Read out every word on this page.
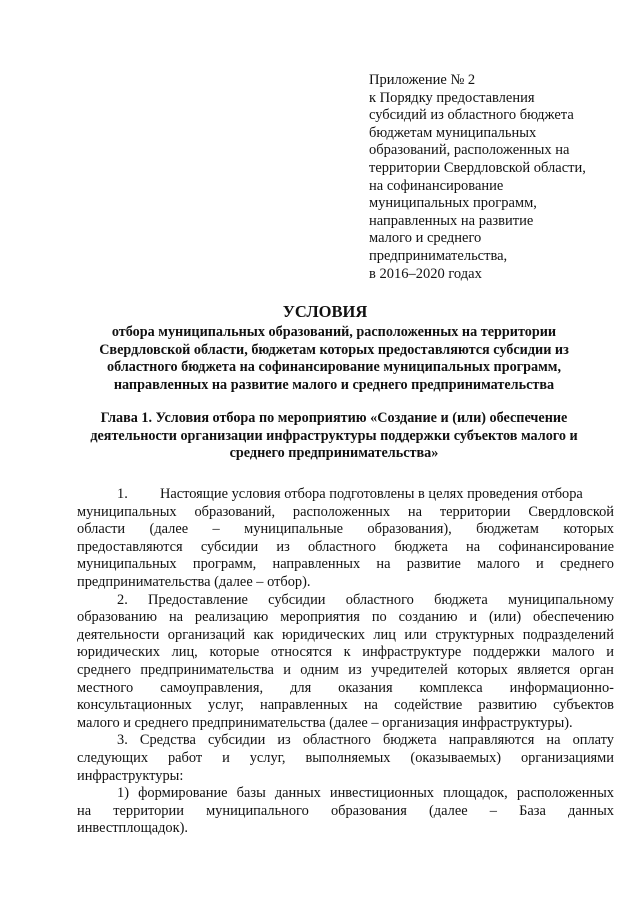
Приложение № 2
к Порядку предоставления
субсидий из областного бюджета
бюджетам муниципальных
образований, расположенных на
территории Свердловской области,
на софинансирование
муниципальных программ,
направленных на развитие
малого и среднего
предпринимательства,
в 2016–2020 годах
УСЛОВИЯ
отбора муниципальных образований, расположенных на территории
Свердловской области, бюджетам которых предоставляются субсидии из
областного бюджета на софинансирование муниципальных программ,
направленных на развитие малого и среднего предпринимательства
Глава 1. Условия отбора по мероприятию «Создание и (или) обеспечение
деятельности организации инфраструктуры поддержки субъектов малого и
среднего предпринимательства»
1.	Настоящие условия отбора подготовлены в целях проведения отбора
муниципальных образований, расположенных на территории Свердловской
области (далее – муниципальные образования), бюджетам которых
предоставляются субсидии из областного бюджета на софинансирование
муниципальных программ, направленных на развитие малого и среднего
предпринимательства (далее – отбор).
2. Предоставление субсидии областного бюджета муниципальному
образованию на реализацию мероприятия по созданию и (или) обеспечению
деятельности организаций как юридических лиц или структурных подразделений
юридических лиц, которые относятся к инфраструктуре поддержки малого и
среднего предпринимательства и одним из учредителей которых является орган
местного самоуправления, для оказания комплекса информационно-
консультационных услуг, направленных на содействие развитию субъектов
малого и среднего предпринимательства (далее – организация инфраструктуры).
3. Средства субсидии из областного бюджета направляются на оплату
следующих работ и услуг, выполняемых (оказываемых) организациями
инфраструктуры:
1) формирование базы данных инвестиционных площадок, расположенных
на территории муниципального образования (далее – База данных
инвестплощадок).
